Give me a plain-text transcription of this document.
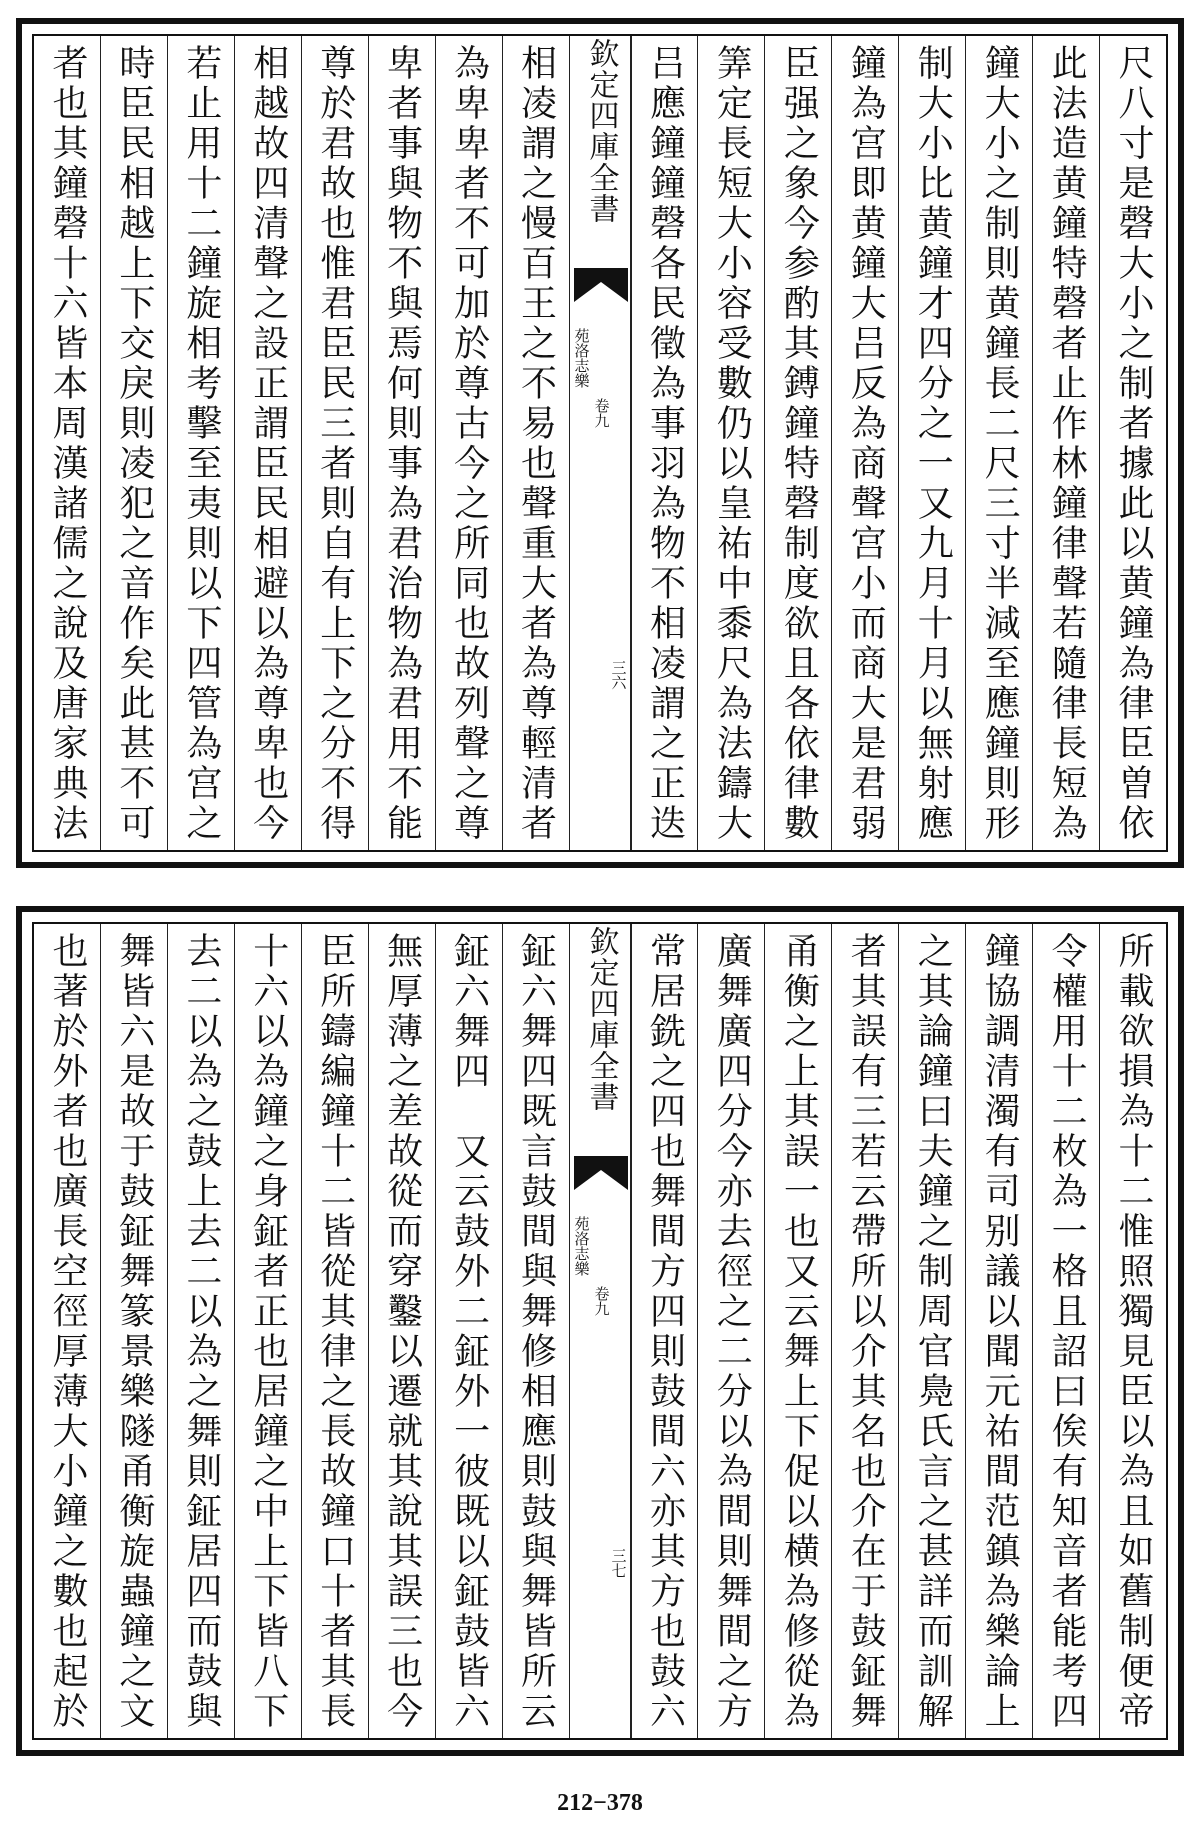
尺八寸是磬大小之制者據此以黄鐘為律臣曽依
此法造黄鐘特磬者止作林鐘律聲若隨律長短為
鐘大小之制則黄鐘長二尺三寸半減至應鐘則形
制大小比黄鐘才四分之一又九月十月以無射應
鐘為宫即黄鐘大吕反為商聲宫小而商大是君弱
臣强之象今参酌其鎛鐘特磬制度欲且各依律數
筭定長短大小容受數仍以皇祐中黍尺為法鑄大
吕應鐘鐘磬各民徵為事羽為物不相凌謂之正迭
欽定四庫全書
苑洛志樂
卷九
三六
相凌謂之慢百王之不易也聲重大者為尊輕清者
為卑卑者不可加於尊古今之所同也故列聲之尊
卑者事與物不與焉何則事為君治物為君用不能
尊於君故也惟君臣民三者則自有上下之分不得
相越故四清聲之設正謂臣民相避以為尊卑也今
若止用十二鐘旋相考擊至夷則以下四管為宫之
時臣民相越上下交戾則凌犯之音作矣此甚不可
者也其鐘磬十六皆本周漢諸儒之說及唐家典法
所載欲損為十二惟照獨見臣以為且如舊制便帝
令權用十二枚為一格且詔曰俟有知音者能考四
鐘協調清濁有司别議以聞元祐間范鎮為樂論上
之其論鐘曰夫鐘之制周官鳧氏言之甚詳而訓解
者其誤有三若云帶所以介其名也介在于鼓鉦舞
甬衡之上其誤一也又云舞上下促以横為修從為
廣舞廣四分今亦去徑之二分以為間則舞間之方
常居銑之四也舞間方四則鼓間六亦其方也鼓六
欽定四庫全書
苑洛志樂
卷九
三七
鉦六舞四既言鼓間與舞修相應則鼓與舞皆所云
鉦六舞四　又云鼓外二鉦外一彼既以鉦鼓皆六
無厚薄之差故從而穿鑿以遷就其說其誤三也今
臣所鑄編鐘十二皆從其律之長故鐘口十者其長
十六以為鐘之身鉦者正也居鐘之中上下皆八下
去二以為之鼓上去二以為之舞則鉦居四而鼓與
舞皆六是故于鼓鉦舞篆景樂隧甬衡旋蟲鐘之文
也著於外者也廣長空徑厚薄大小鐘之數也起於
212−378
